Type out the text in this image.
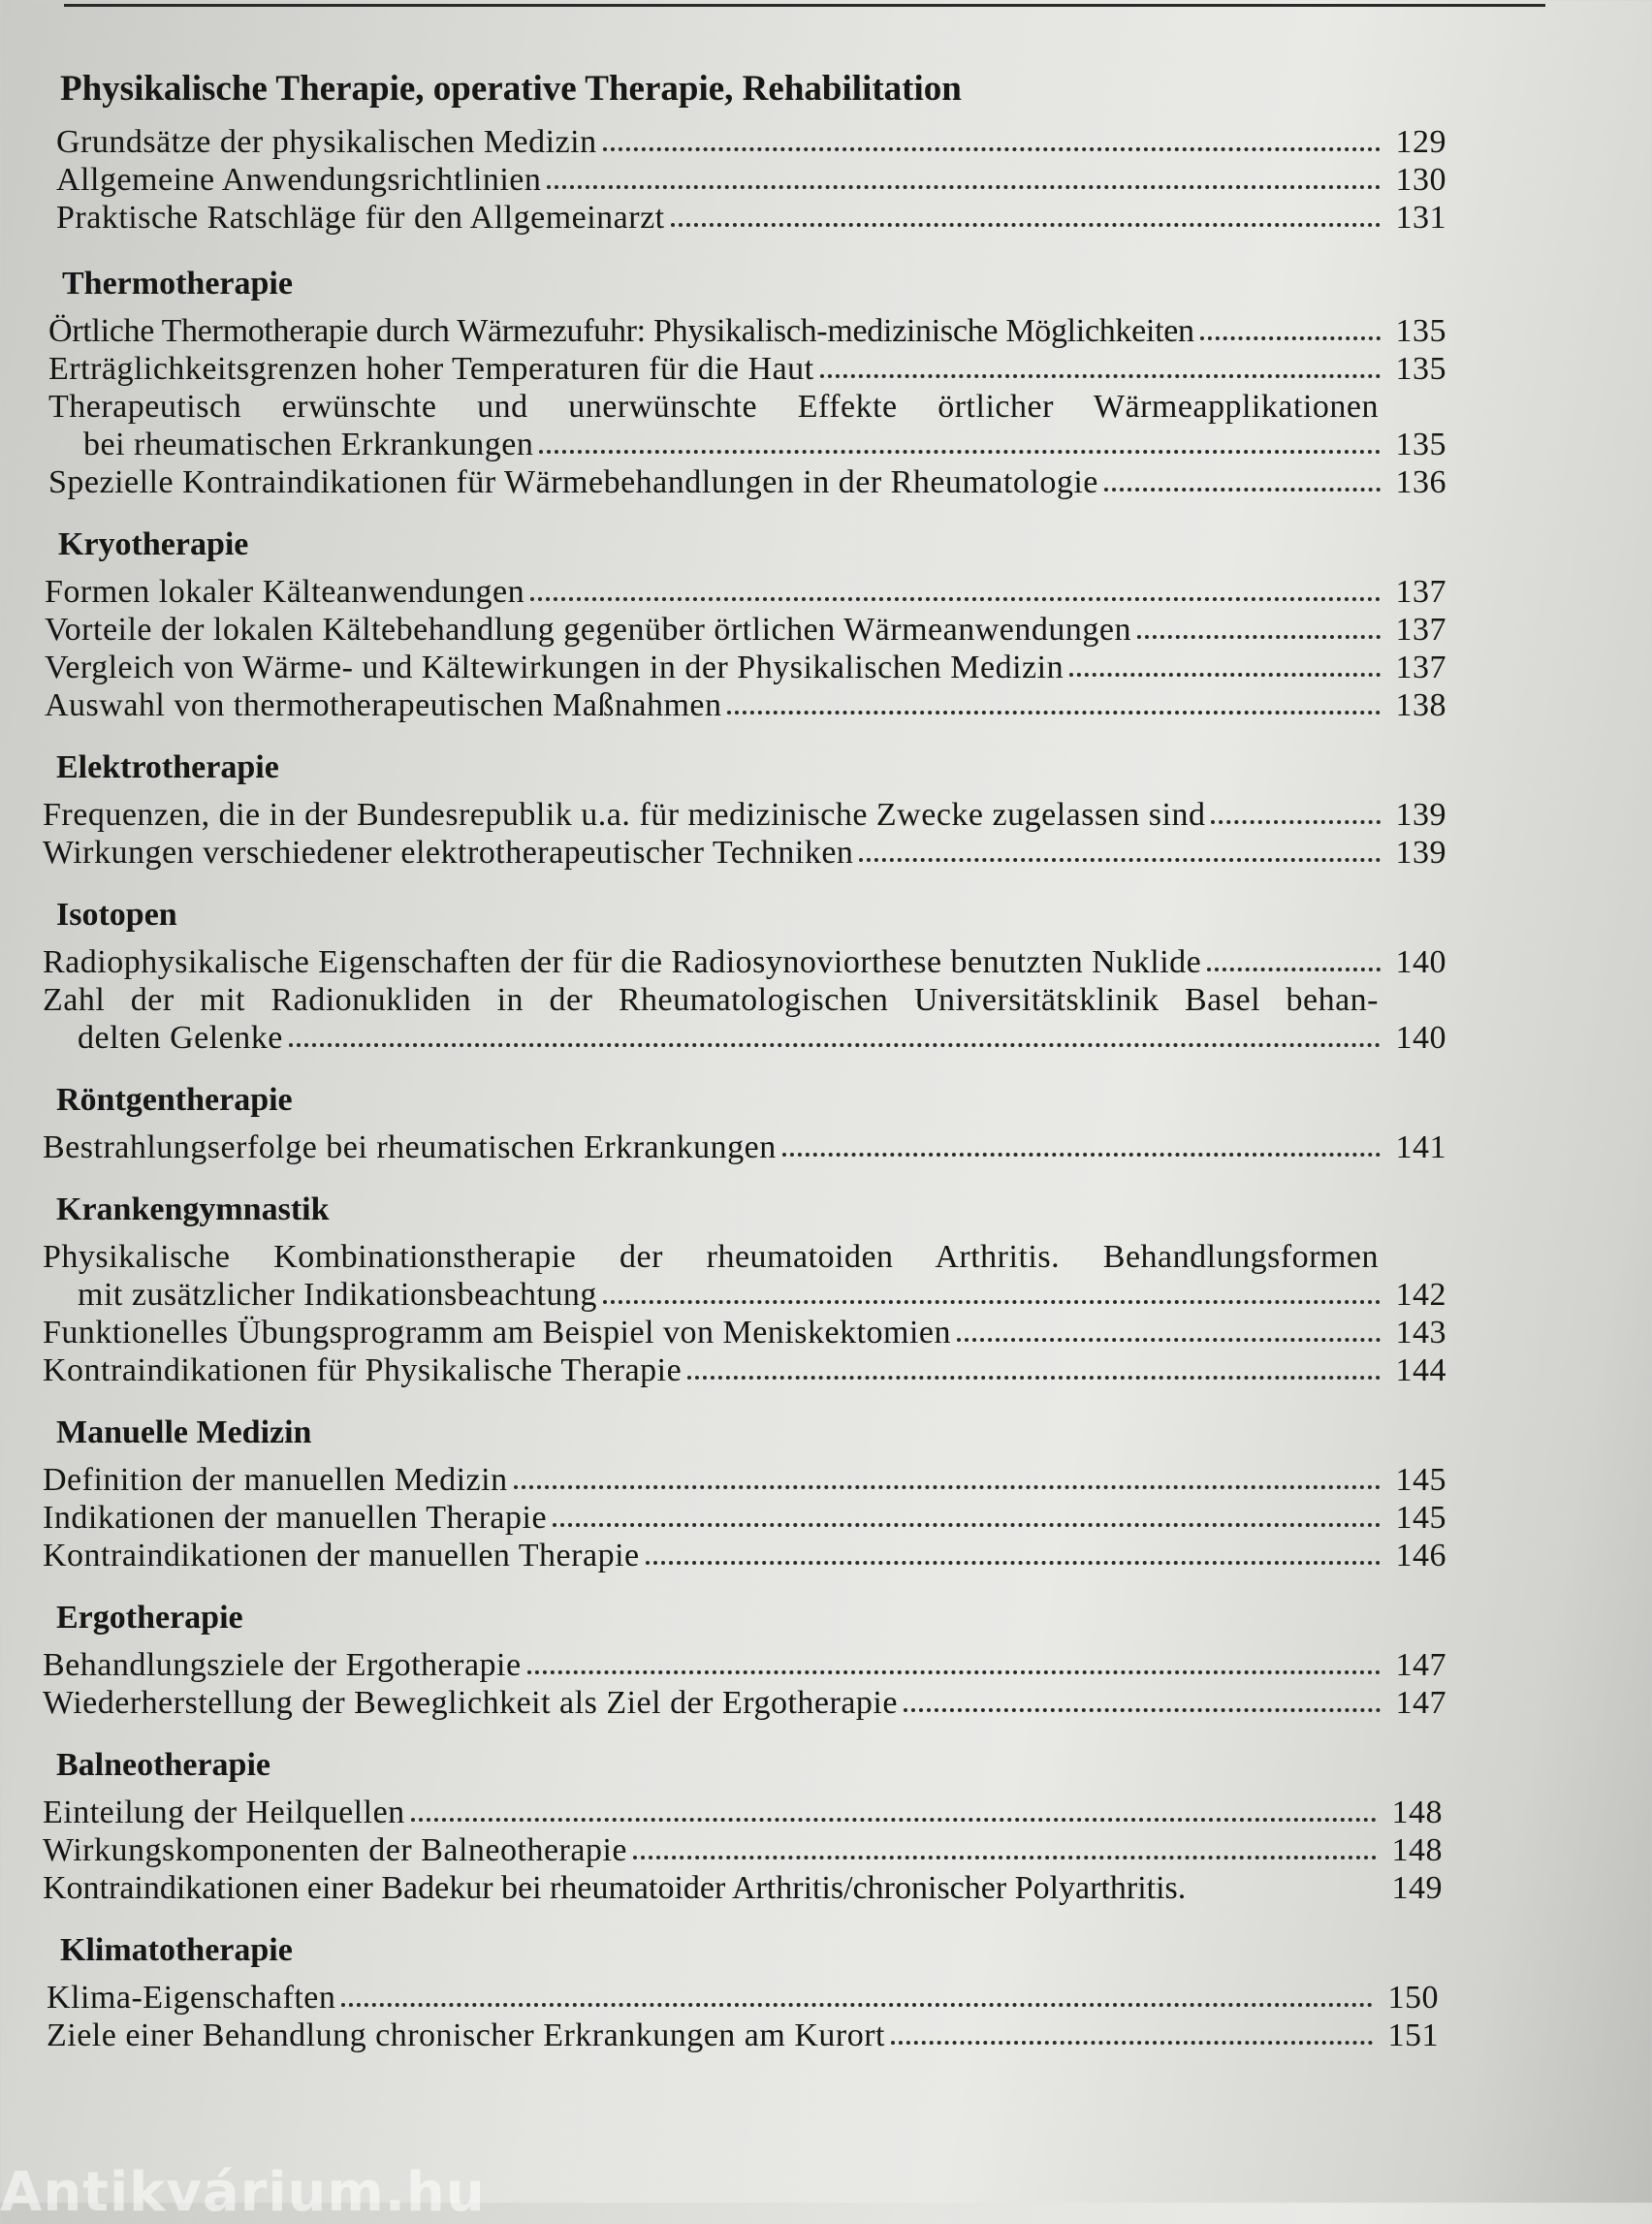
Physikalische Therapie, operative Therapie, Rehabilitation
Grundsätze der physikalischen Medizin	129
Allgemeine Anwendungsrichtlinien	130
Praktische Ratschläge für den Allgemeinarzt	131
Thermotherapie
Örtliche Thermotherapie durch Wärmezufuhr: Physikalisch-medizinische Möglichkeiten	135
Erträglichkeitsgrenzen hoher Temperaturen für die Haut	135
Therapeutisch erwünschte und unerwünschte Effekte örtlicher Wärmeapplikationen
bei rheumatischen Erkrankungen	135
Spezielle Kontraindikationen für Wärmebehandlungen in der Rheumatologie	136
Kryotherapie
Formen lokaler Kälteanwendungen	137
Vorteile der lokalen Kältebehandlung gegenüber örtlichen Wärmeanwendungen	137
Vergleich von Wärme- und Kältewirkungen in der Physikalischen Medizin	137
Auswahl von thermotherapeutischen Maßnahmen	138
Elektrotherapie
Frequenzen, die in der Bundesrepublik u.a. für medizinische Zwecke zugelassen sind	139
Wirkungen verschiedener elektrotherapeutischer Techniken	139
Isotopen
Radiophysikalische Eigenschaften der für die Radiosynoviorthese benutzten Nuklide	140
Zahl der mit Radionukliden in der Rheumatologischen Universitätsklinik Basel behan-
delten Gelenke	140
Röntgentherapie
Bestrahlungserfolge bei rheumatischen Erkrankungen	141
Krankengymnastik
Physikalische Kombinationstherapie der rheumatoiden Arthritis. Behandlungsformen
mit zusätzlicher Indikationsbeachtung	142
Funktionelles Übungsprogramm am Beispiel von Meniskektomien	143
Kontraindikationen für Physikalische Therapie	144
Manuelle Medizin
Definition der manuellen Medizin	145
Indikationen der manuellen Therapie	145
Kontraindikationen der manuellen Therapie	146
Ergotherapie
Behandlungsziele der Ergotherapie	147
Wiederherstellung der Beweglichkeit als Ziel der Ergotherapie	147
Balneotherapie
Einteilung der Heilquellen	148
Wirkungskomponenten der Balneotherapie	148
Kontraindikationen einer Badekur bei rheumatoider Arthritis/chronischer Polyarthritis.	149
Klimatotherapie
Klima-Eigenschaften	150
Ziele einer Behandlung chronischer Erkrankungen am Kurort	151
Antikvárium.hu
